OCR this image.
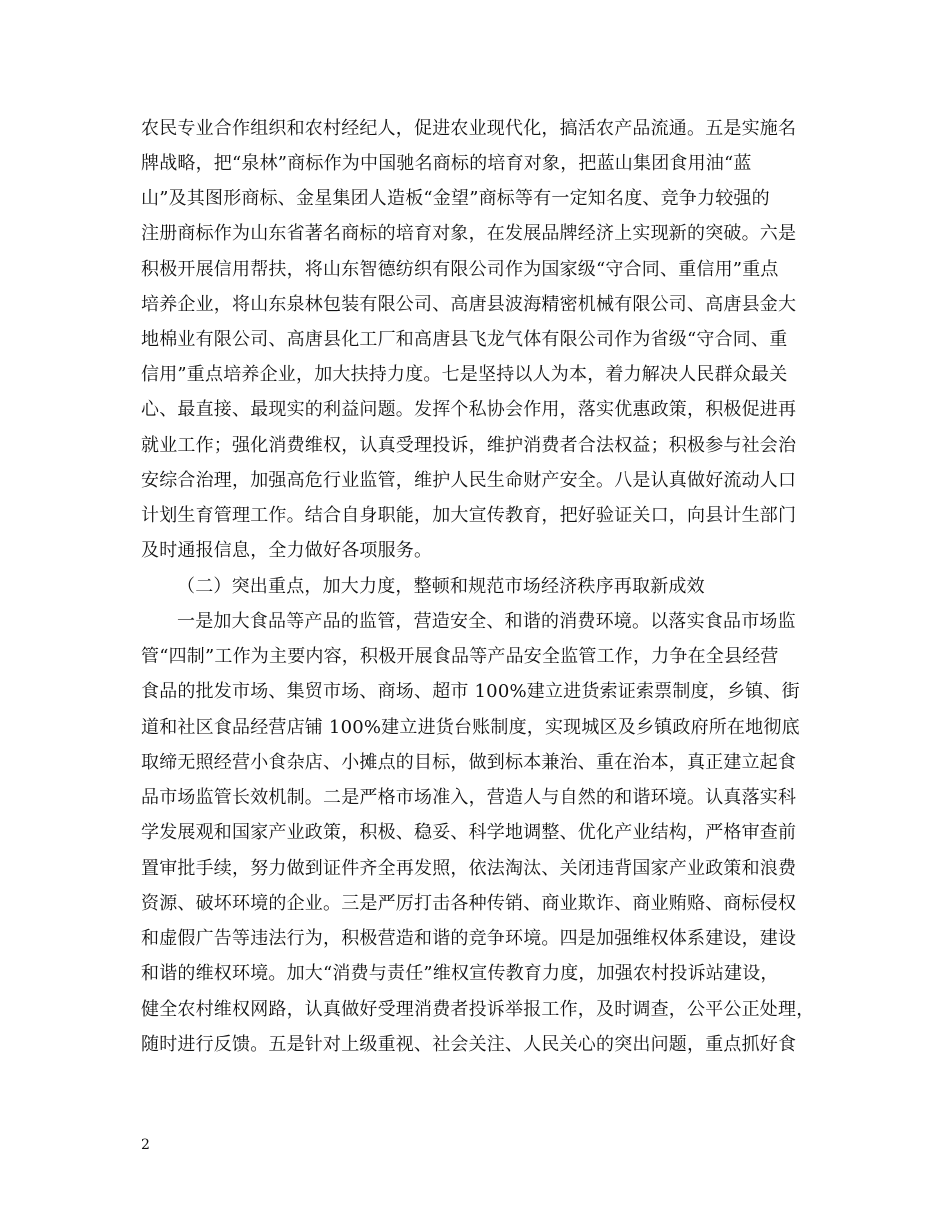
农民专业合作组织和农村经纪人，促进农业现代化，搞活农产品流通。五是实施名
牌战略，把“泉林”商标作为中国驰名商标的培育对象，把蓝山集团食用油“蓝
山”及其图形商标、金星集团人造板“金望”商标等有一定知名度、竞争力较强的
注册商标作为山东省著名商标的培育对象，在发展品牌经济上实现新的突破。六是
积极开展信用帮扶，将山东智德纺织有限公司作为国家级“守合同、重信用”重点
培养企业，将山东泉林包装有限公司、高唐县波海精密机械有限公司、高唐县金大
地棉业有限公司、高唐县化工厂和高唐县飞龙气体有限公司作为省级“守合同、重
信用”重点培养企业，加大扶持力度。七是坚持以人为本，着力解决人民群众最关
心、最直接、最现实的利益问题。发挥个私协会作用，落实优惠政策，积极促进再
就业工作；强化消费维权，认真受理投诉，维护消费者合法权益；积极参与社会治
安综合治理，加强高危行业监管，维护人民生命财产安全。八是认真做好流动人口
计划生育管理工作。结合自身职能，加大宣传教育，把好验证关口，向县计生部门
及时通报信息，全力做好各项服务。
（二）突出重点，加大力度，整顿和规范市场经济秩序再取新成效
一是加大食品等产品的监管，营造安全、和谐的消费环境。以落实食品市场监
管“四制”工作为主要内容，积极开展食品等产品安全监管工作，力争在全县经营
食品的批发市场、集贸市场、商场、超市 100%建立进货索证索票制度，乡镇、街
道和社区食品经营店铺 100%建立进货台账制度，实现城区及乡镇政府所在地彻底
取缔无照经营小食杂店、小摊点的目标，做到标本兼治、重在治本，真正建立起食
品市场监管长效机制。二是严格市场准入，营造人与自然的和谐环境。认真落实科
学发展观和国家产业政策，积极、稳妥、科学地调整、优化产业结构，严格审查前
置审批手续，努力做到证件齐全再发照，依法淘汰、关闭违背国家产业政策和浪费
资源、破坏环境的企业。三是严厉打击各种传销、商业欺诈、商业贿赂、商标侵权
和虚假广告等违法行为，积极营造和谐的竞争环境。四是加强维权体系建设，建设
和谐的维权环境。加大“消费与责任”维权宣传教育力度，加强农村投诉站建设，
健全农村维权网路，认真做好受理消费者投诉举报工作，及时调查，公平公正处理，
随时进行反馈。五是针对上级重视、社会关注、人民关心的突出问题，重点抓好食
2
